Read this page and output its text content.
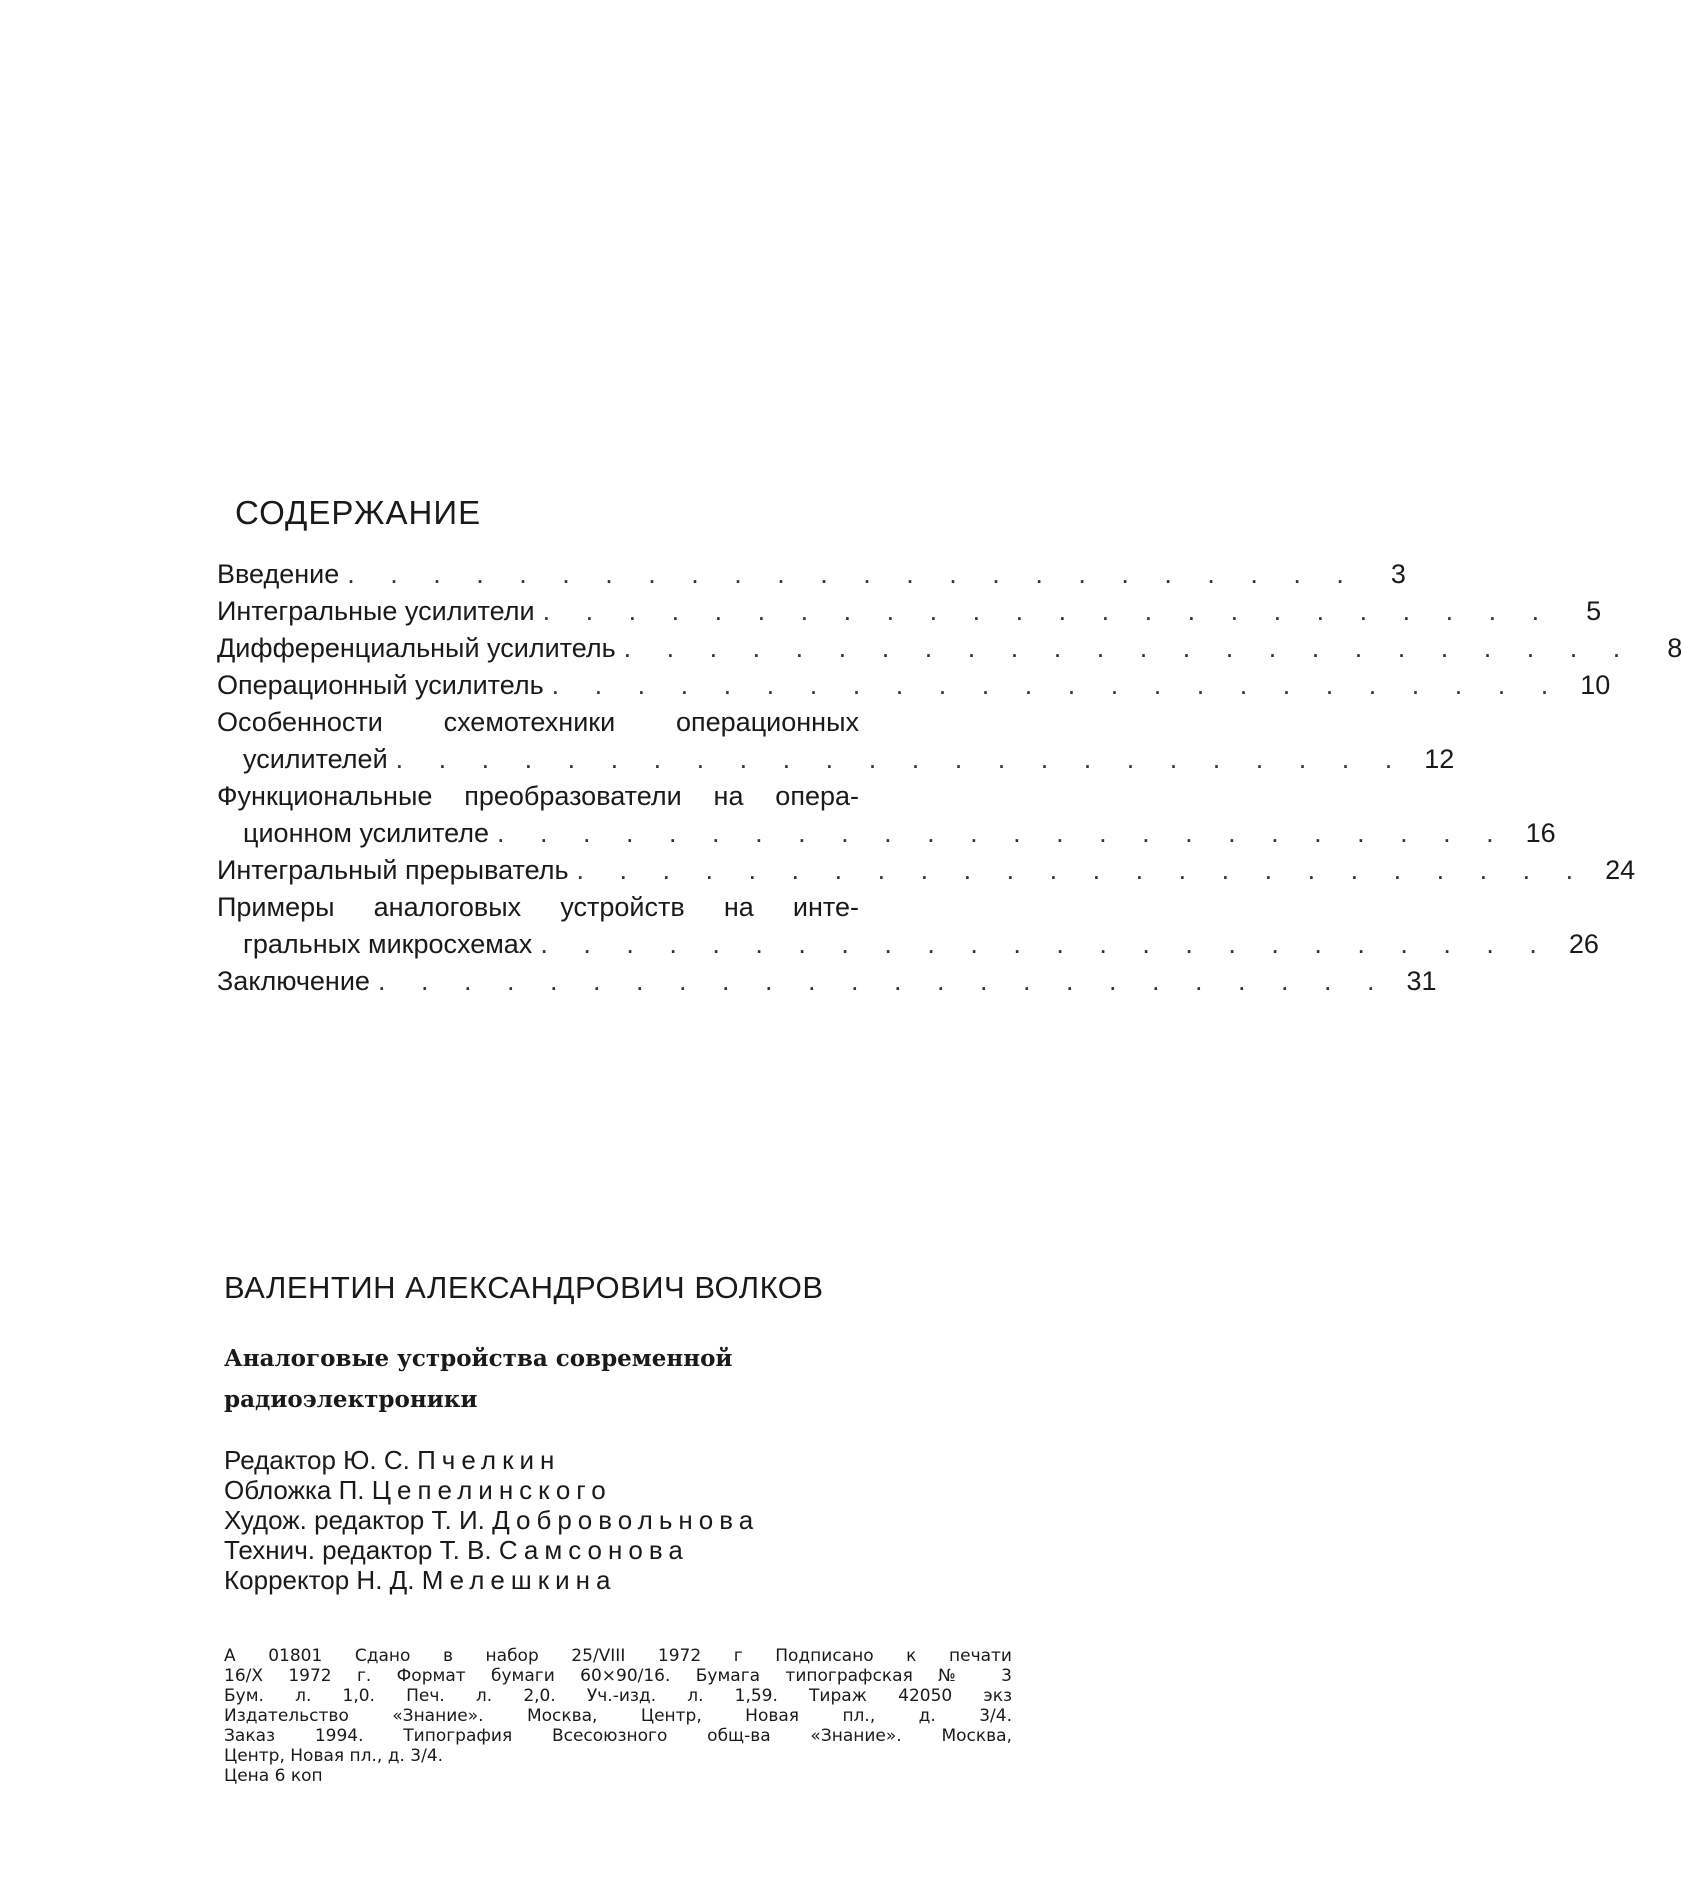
СОДЕРЖАНИЕ
Введение . . . . . . . . . . . . . . . . . . . . . . . .	3
Интегральные усилители . . . . . . . . . . . . . . . . . . . . . . . .	5
Дифференциальный усилитель . . . . . . . . . . . . . . . . . . . . . . . .	8
Операционный усилитель . . . . . . . . . . . . . . . . . . . . . . . . 10
Особенности схемотехники операционных
усилителей . . . . . . . . . . . . . . . . . . . . . . . . 12
Функциональные преобразователи на опера-
ционном усилителе . . . . . . . . . . . . . . . . . . . . . . . . 16
Интегральный прерыватель . . . . . . . . . . . . . . . . . . . . . . . . 24
Примеры аналоговых устройств на инте-
гральных микросхемах . . . . . . . . . . . . . . . . . . . . . . . . 26
Заключение . . . . . . . . . . . . . . . . . . . . . . . . 31
ВАЛЕНТИН АЛЕКСАНДРОВИЧ ВОЛКОВ
Аналоговые устройства современной
радиоэлектроники
Редактор Ю. С. Пчелкин
Обложка П. Цепелинского
Худож. редактор Т. И. Добровольнова
Технич. редактор Т. В. Самсонова
Корректор Н. Д. Мелешкина
А 01801 Сдано в набор 25/VIII 1972 г Подписано к печати
16/Х 1972 г. Формат бумаги 60×90/16. Бумага типографская № 3
Бум. л. 1,0. Печ. л. 2,0. Уч.-изд. л. 1,59. Тираж 42050 экз
Издательство «Знание». Москва, Центр, Новая пл., д. 3/4.
Заказ 1994. Типография Всесоюзного общ-ва «Знание». Москва,
Центр, Новая пл., д. 3/4.
Цена 6 коп
